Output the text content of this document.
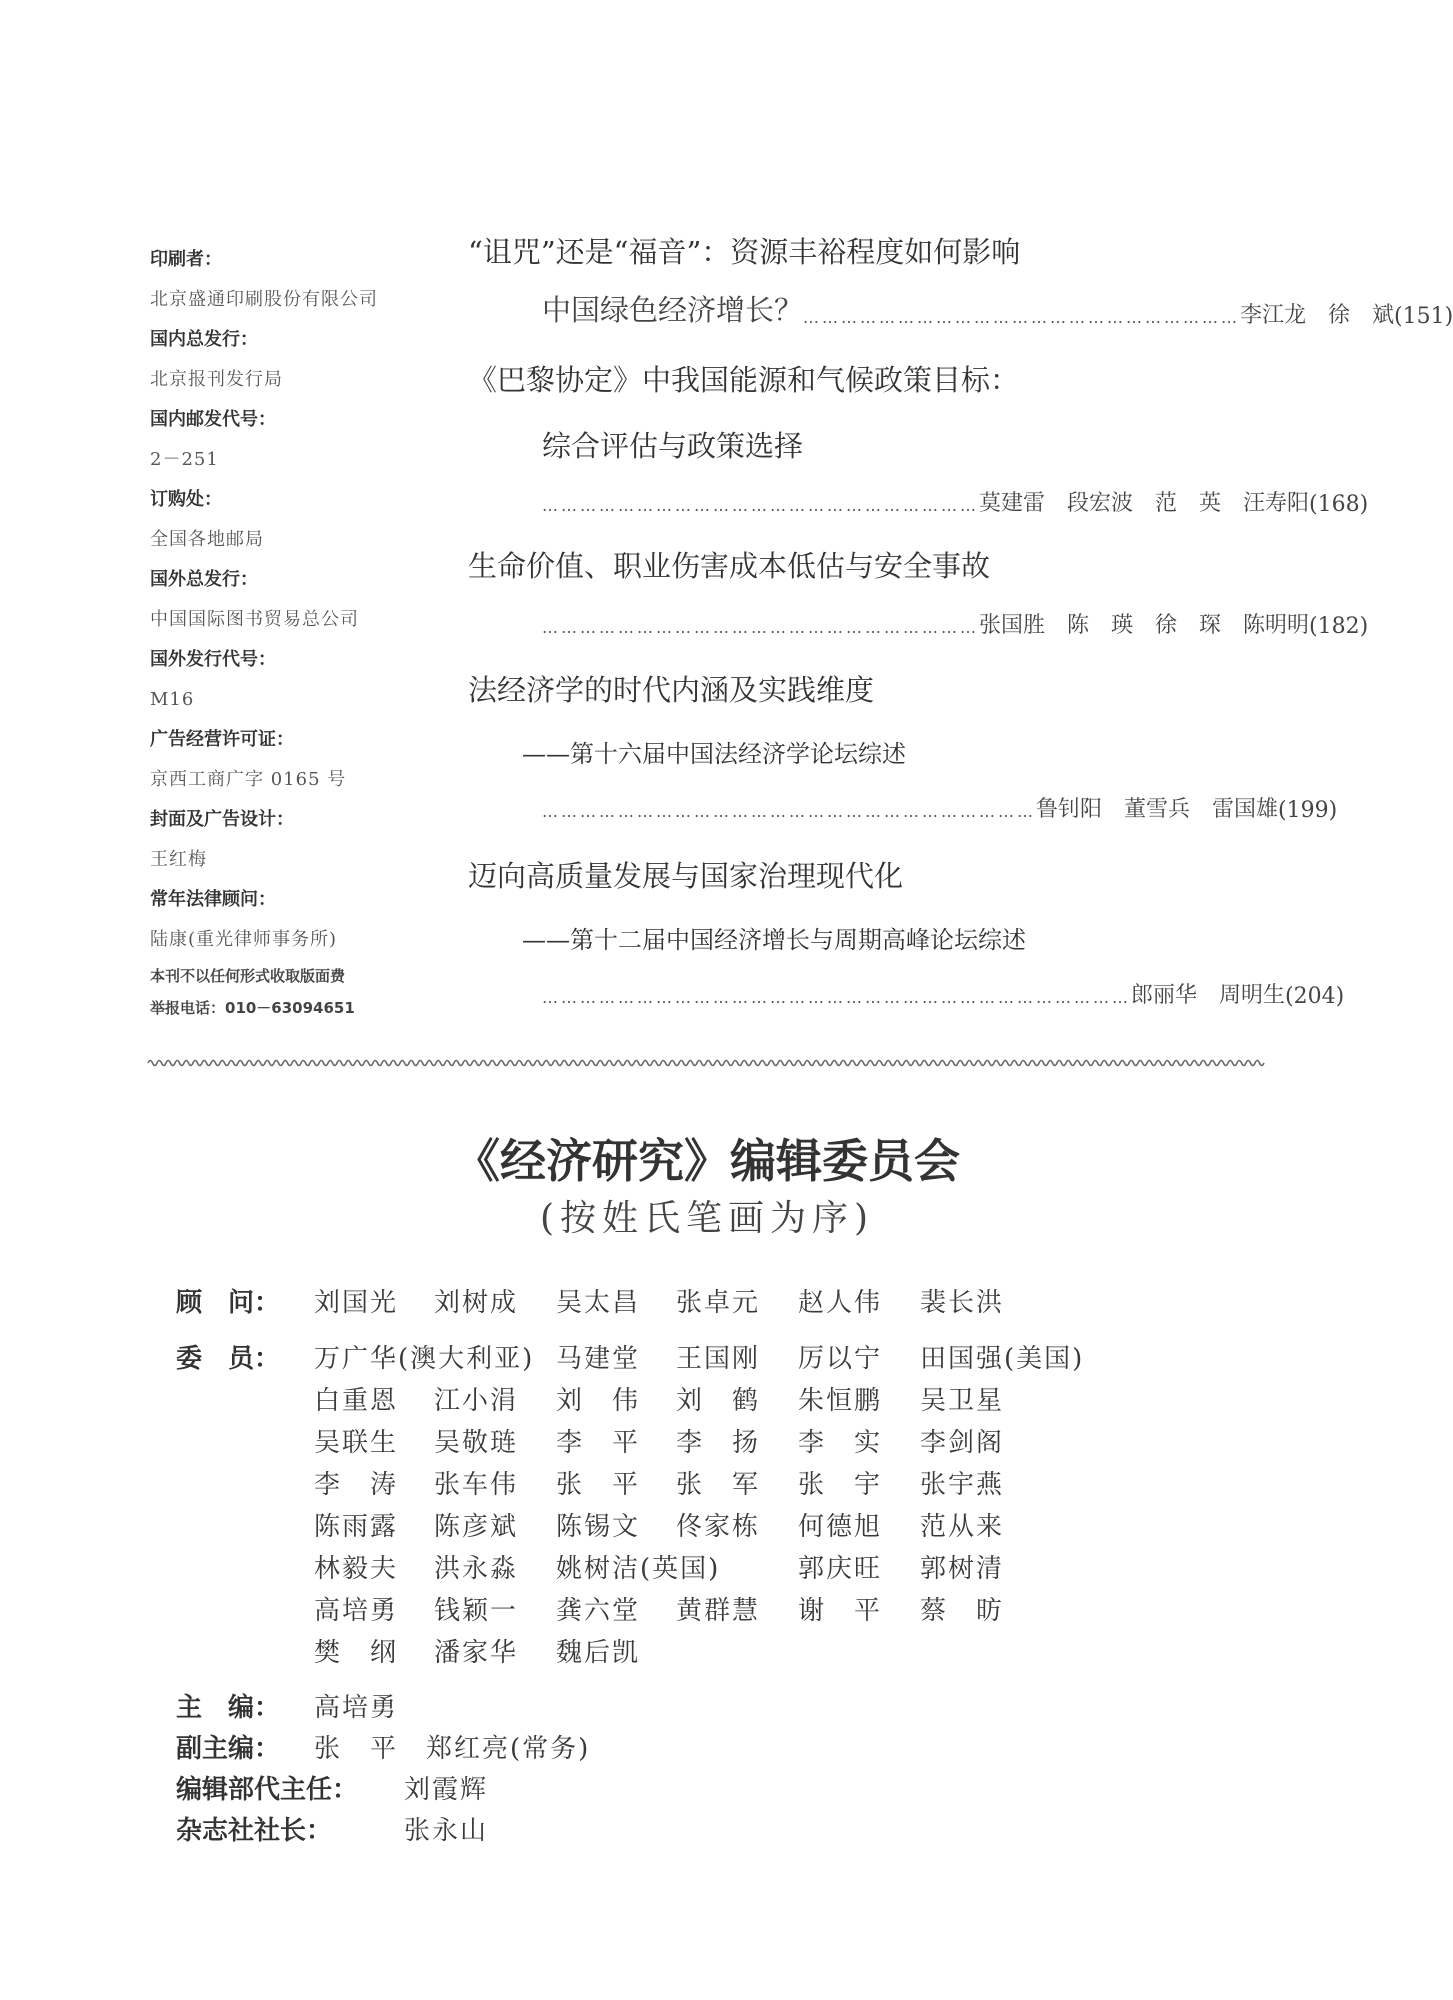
印刷者：
北京盛通印刷股份有限公司
国内总发行：
北京报刊发行局
国内邮发代号：
2－251
订购处：
全国各地邮局
国外总发行：
中国国际图书贸易总公司
国外发行代号：
M16
广告经营许可证：
京西工商广字 0165 号
封面及广告设计：
王红梅
常年法律顾问：
陆康(重光律师事务所)
本刊不以任何形式收取版面费
举报电话：010－63094651
“诅咒”还是“福音”：资源丰裕程度如何影响
中国绿色经济增长？ …………………………………………………………… 李江龙　徐　斌 (151)
《巴黎协定》中我国能源和气候政策目标：
综合评估与政策选择
…………………………………………………………… 莫建雷　段宏波　范　英　汪寿阳 (168)
生命价值、职业伤害成本低估与安全事故
…………………………………………………………… 张国胜　陈　瑛　徐　琛　陈明明 (182)
法经济学的时代内涵及实践维度
——第十六届中国法经济学论坛综述
…………………………………………………………………… 鲁钊阳　董雪兵　雷国雄 (199)
迈向高质量发展与国家治理现代化
——第十二届中国经济增长与周期高峰论坛综述
………………………………………………………………………………… 郎丽华　周明生 (204)
《经济研究》编辑委员会
(按姓氏笔画为序)
顾　问： 刘国光 刘树成 吴太昌 张卓元 赵人伟 裴长洪
委　员： 万广华(澳大利亚) 马建堂 王国刚 厉以宁 田国强(美国)
白重恩 江小涓 刘　伟 刘　鹤 朱恒鹏 吴卫星
吴联生 吴敬琏 李　平 李　扬 李　实 李剑阁
李　涛 张车伟 张　平 张　军 张　宇 张宇燕
陈雨露 陈彦斌 陈锡文 佟家栋 何德旭 范从来
林毅夫 洪永淼 姚树洁(英国)	郭庆旺 郭树清
高培勇 钱颖一 龚六堂 黄群慧 谢　平 蔡　昉
樊　纲 潘家华 魏后凯
主　编： 高培勇
副主编： 张　平　郑红亮(常务)
编辑部代主任： 刘霞辉
杂志社社长：	张永山
